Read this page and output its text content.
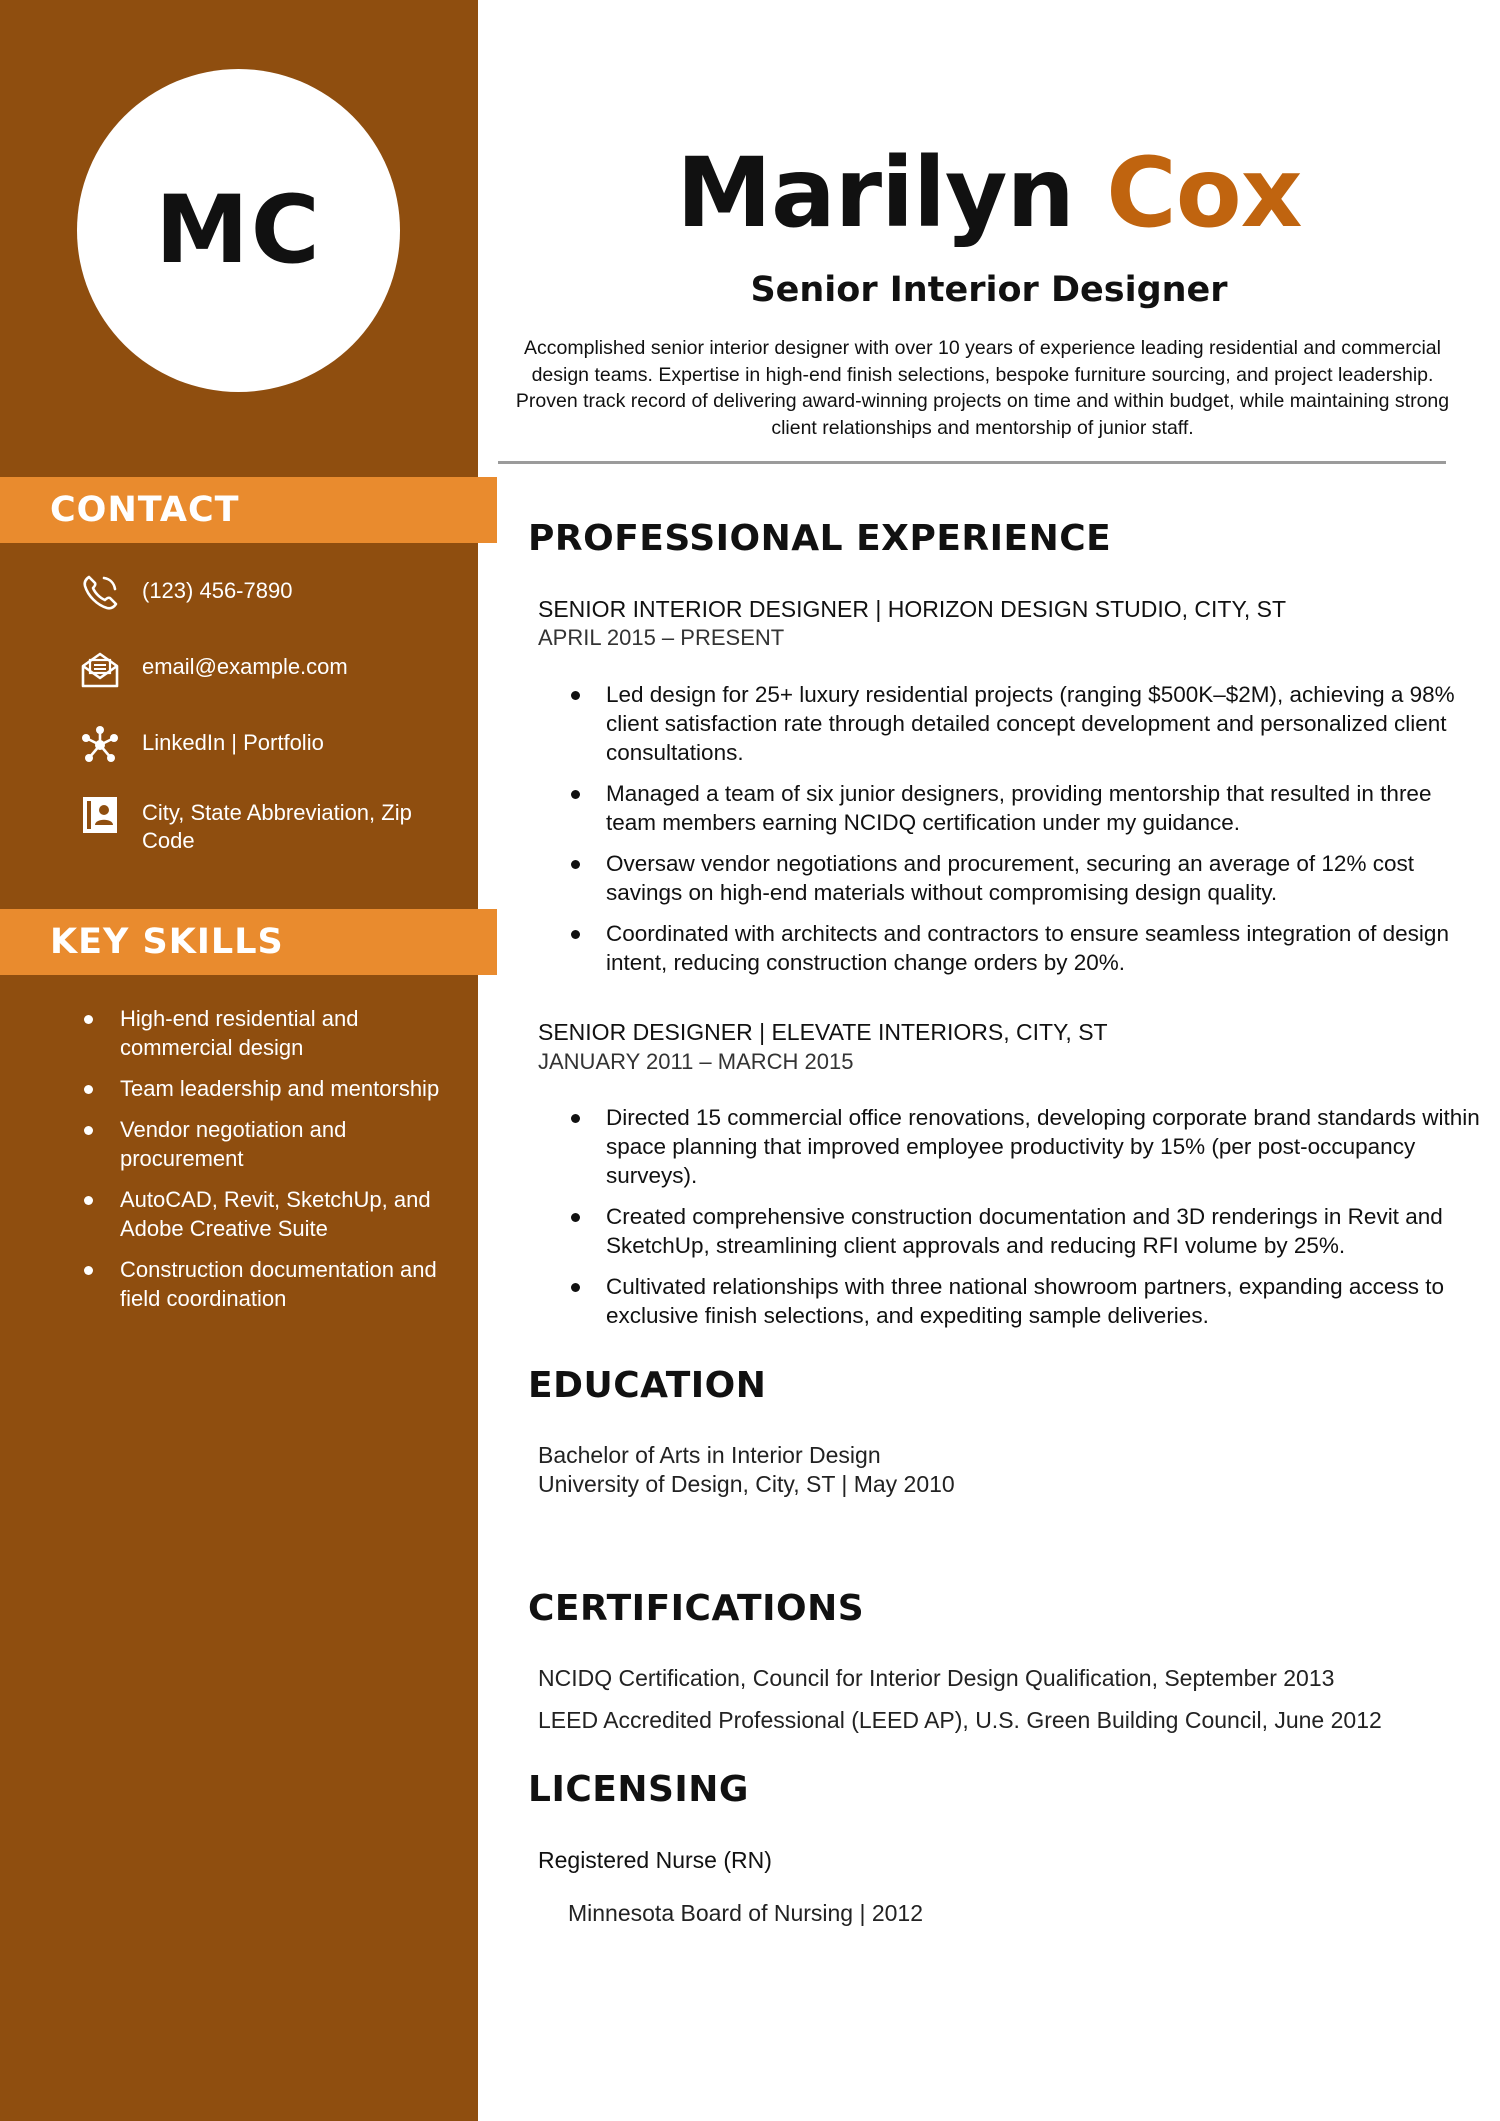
MC
CONTACT
(123) 456-7890
email@example.com
LinkedIn | Portfolio
City, State Abbreviation, Zip Code
KEY SKILLS
High-end residential and commercial design
Team leadership and mentorship
Vendor negotiation and procurement
AutoCAD, Revit, SketchUp, and Adobe Creative Suite
Construction documentation and field coordination
Marilyn Cox
Senior Interior Designer
Accomplished senior interior designer with over 10 years of experience leading residential and commercial design teams. Expertise in high-end finish selections, bespoke furniture sourcing, and project leadership. Proven track record of delivering award-winning projects on time and within budget, while maintaining strong client relationships and mentorship of junior staff.
PROFESSIONAL EXPERIENCE
SENIOR INTERIOR DESIGNER | HORIZON DESIGN STUDIO, CITY, ST
APRIL 2015 – PRESENT
Led design for 25+ luxury residential projects (ranging $500K–$2M), achieving a 98% client satisfaction rate through detailed concept development and personalized client consultations.
Managed a team of six junior designers, providing mentorship that resulted in three team members earning NCIDQ certification under my guidance.
Oversaw vendor negotiations and procurement, securing an average of 12% cost savings on high-end materials without compromising design quality.
Coordinated with architects and contractors to ensure seamless integration of design intent, reducing construction change orders by 20%.
SENIOR DESIGNER | ELEVATE INTERIORS, CITY, ST
JANUARY 2011 – MARCH 2015
Directed 15 commercial office renovations, developing corporate brand standards within space planning that improved employee productivity by 15% (per post-occupancy surveys).
Created comprehensive construction documentation and 3D renderings in Revit and SketchUp, streamlining client approvals and reducing RFI volume by 25%.
Cultivated relationships with three national showroom partners, expanding access to exclusive finish selections, and expediting sample deliveries.
EDUCATION
Bachelor of Arts in Interior Design
University of Design, City, ST | May 2010
CERTIFICATIONS
NCIDQ Certification, Council for Interior Design Qualification, September 2013
LEED Accredited Professional (LEED AP), U.S. Green Building Council, June 2012
LICENSING
Registered Nurse (RN)
Minnesota Board of Nursing | 2012
